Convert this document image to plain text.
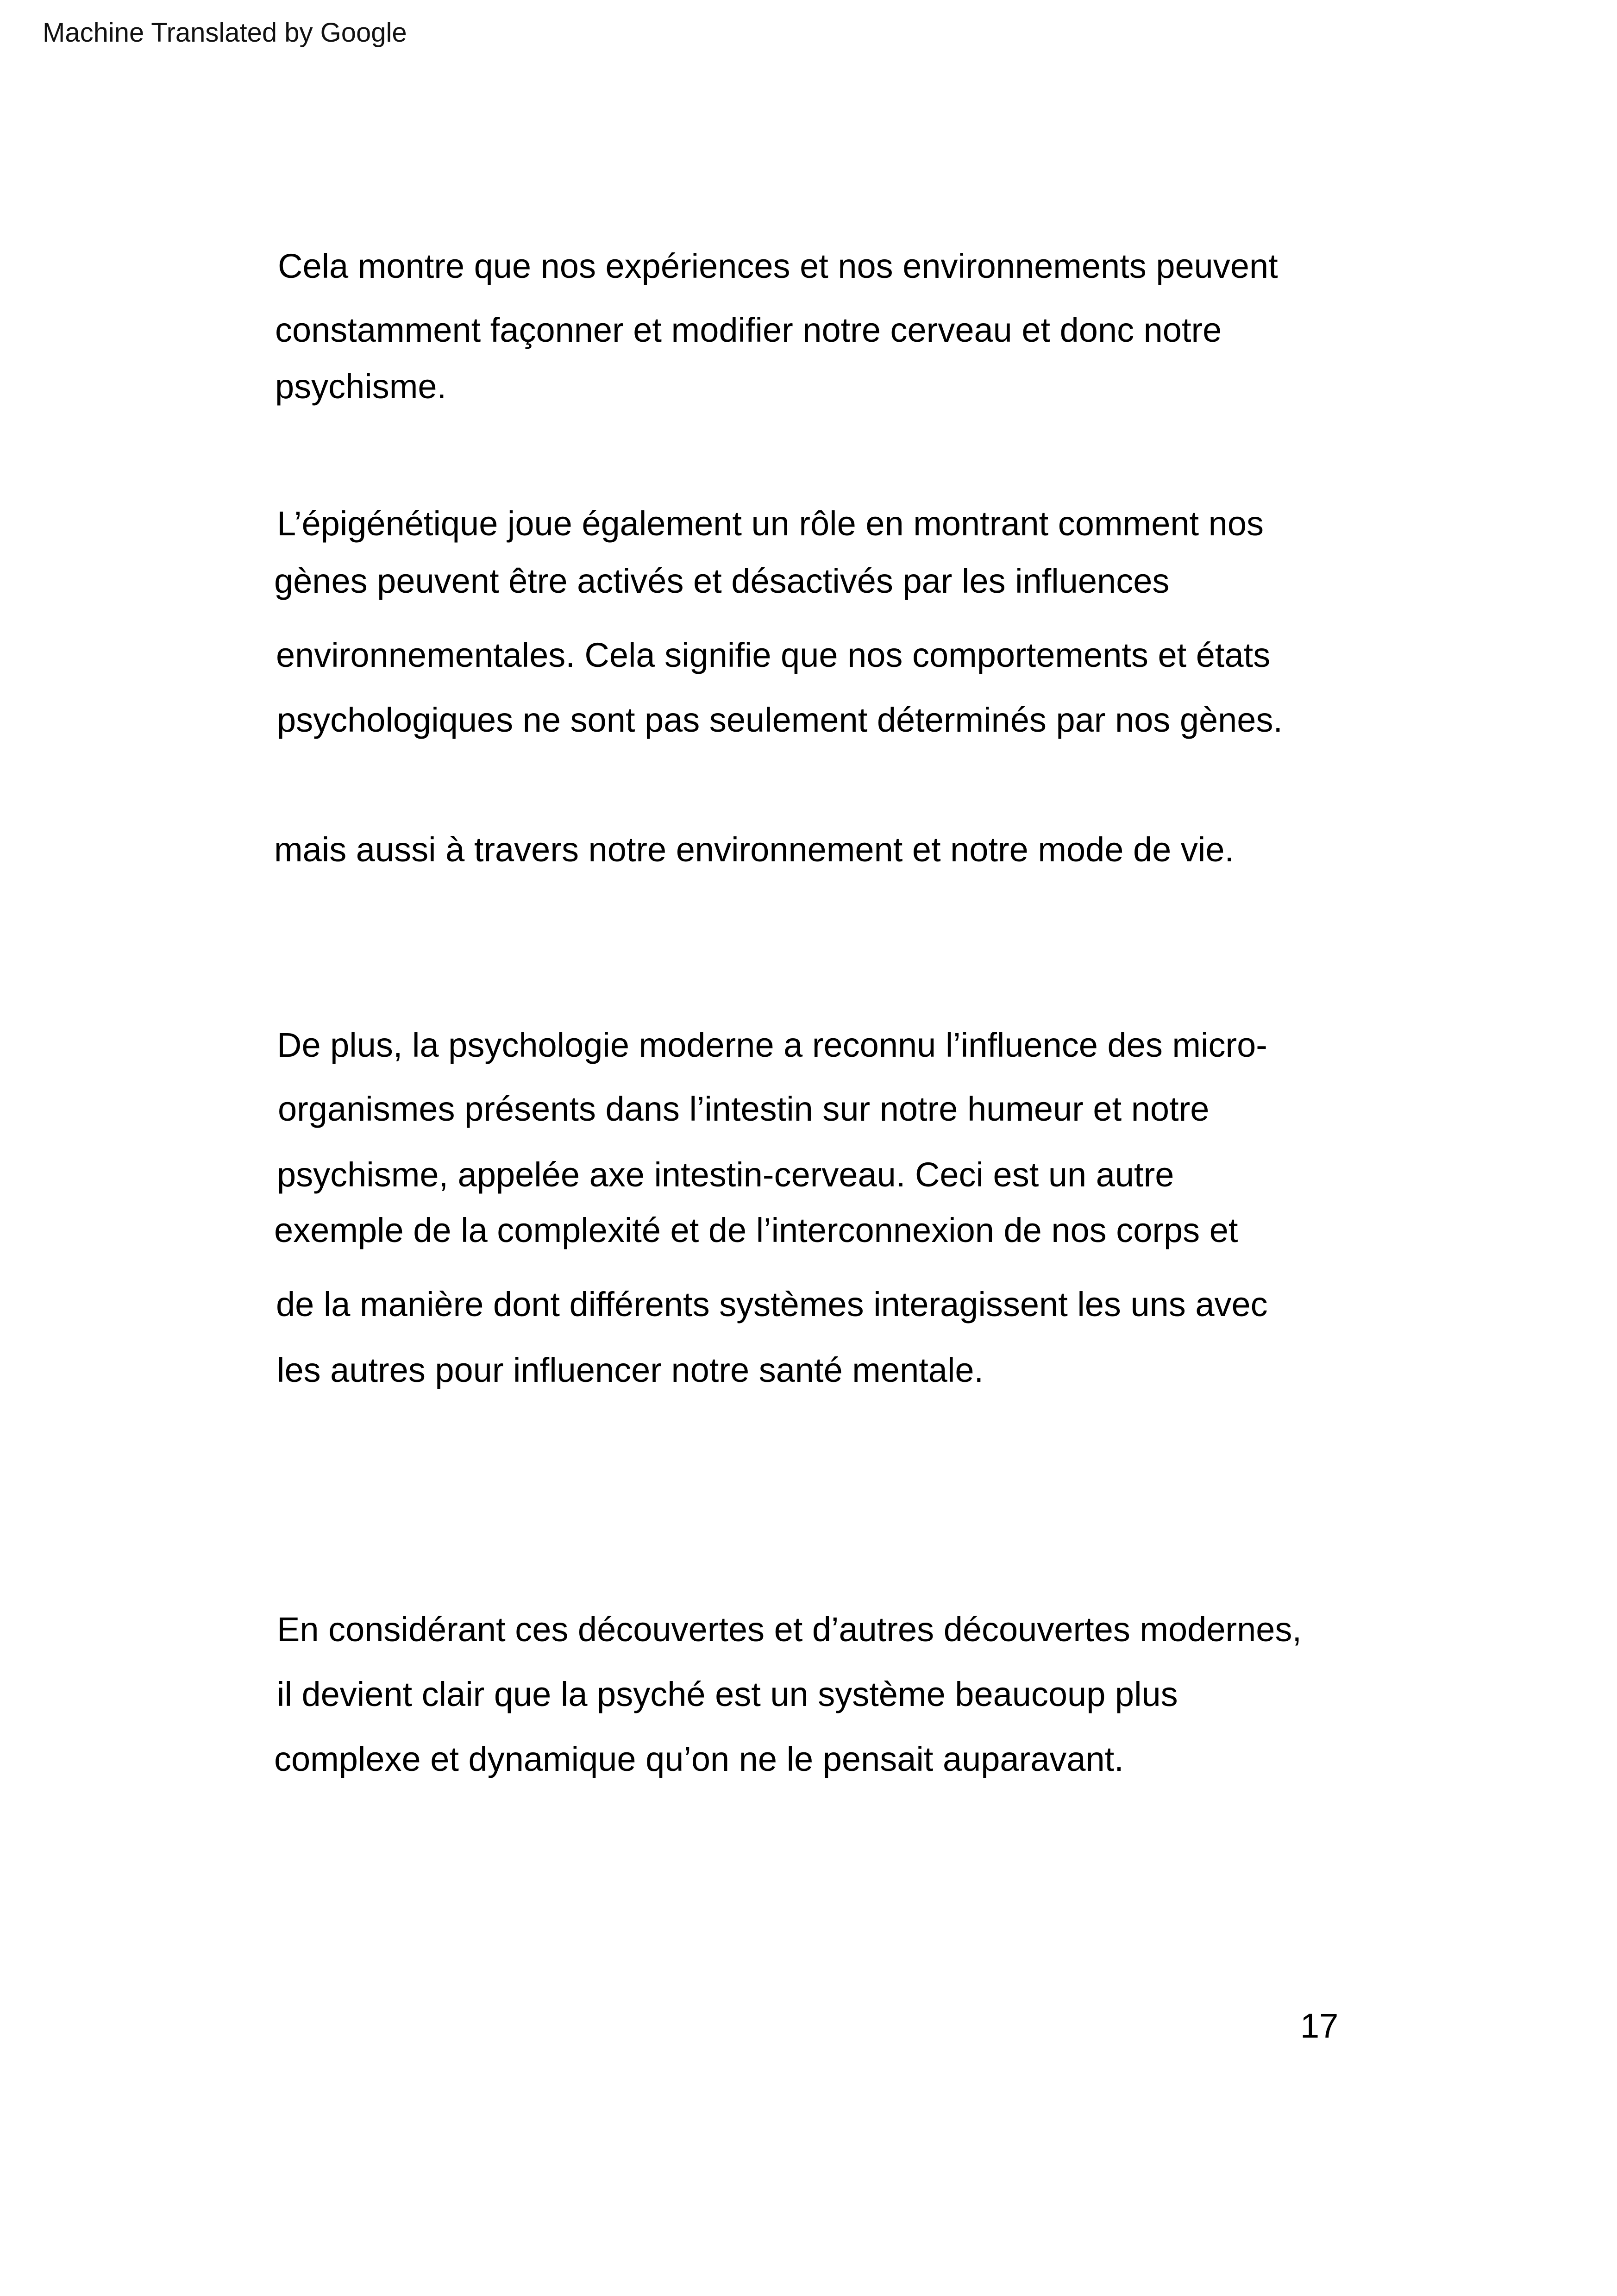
Machine Translated by Google
Cela montre que nos expériences et nos environnements peuvent
constamment façonner et modifier notre cerveau et donc notre
psychisme.
L’épigénétique joue également un rôle en montrant comment nos
gènes peuvent être activés et désactivés par les influences
environnementales. Cela signifie que nos comportements et états
psychologiques ne sont pas seulement déterminés par nos gènes.
mais aussi à travers notre environnement et notre mode de vie.
De plus, la psychologie moderne a reconnu l’influence des micro-
organismes présents dans l’intestin sur notre humeur et notre
psychisme, appelée axe intestin-cerveau. Ceci est un autre
exemple de la complexité et de l’interconnexion de nos corps et
de la manière dont différents systèmes interagissent les uns avec
les autres pour influencer notre santé mentale.
En considérant ces découvertes et d’autres découvertes modernes,
il devient clair que la psyché est un système beaucoup plus
complexe et dynamique qu’on ne le pensait auparavant.
17
